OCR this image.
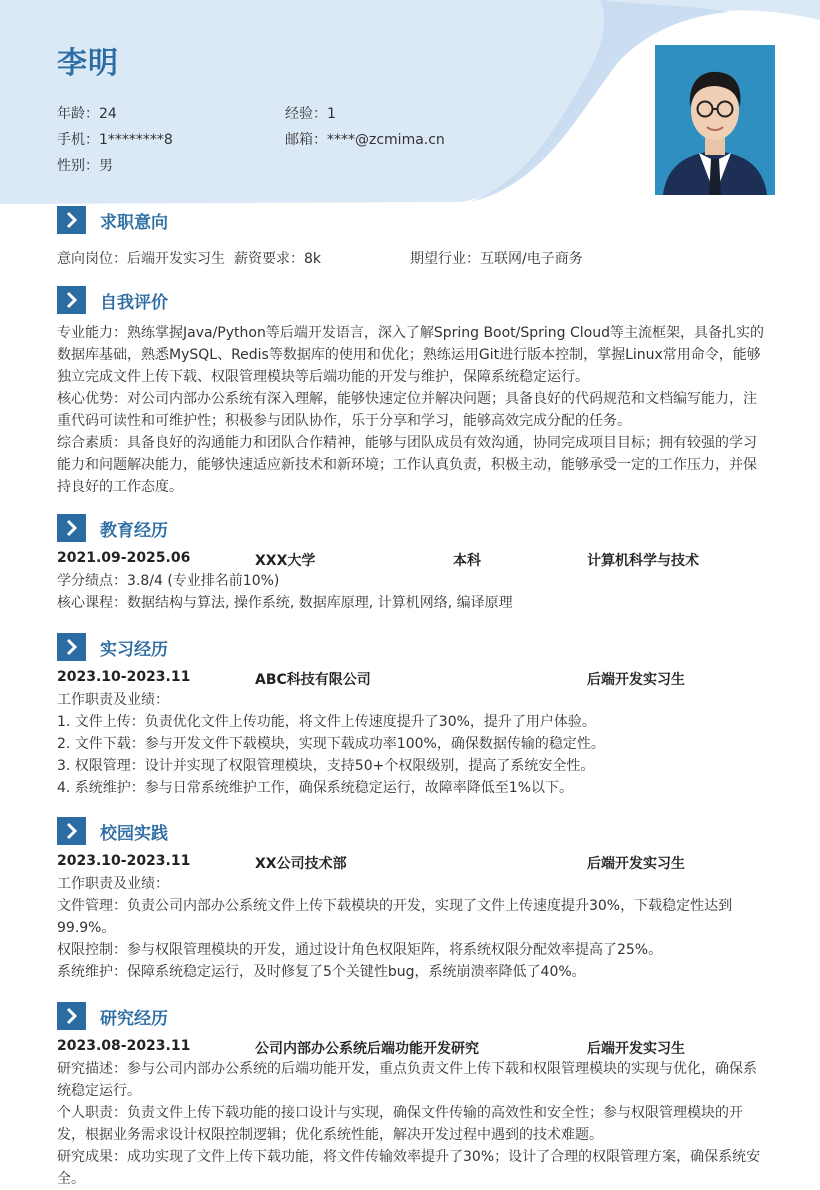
李明
年龄：24	经验：1
手机：1********8	邮箱：****@zcmima.cn
性别：男
求职意向
意向岗位：后端开发实习生 薪资要求：8k	期望行业：互联网/电子商务
自我评价
专业能力：熟练掌握Java/Python等后端开发语言，深入了解Spring Boot/Spring Cloud等主流框架，具备扎实的数据库基础，熟悉MySQL、Redis等数据库的使用和优化；熟练运用Git进行版本控制，掌握Linux常用命令，能够独立完成文件上传下载、权限管理模块等后端功能的开发与维护，保障系统稳定运行。
核心优势：对公司内部办公系统有深入理解，能够快速定位并解决问题；具备良好的代码规范和文档编写能力，注重代码可读性和可维护性；积极参与团队协作，乐于分享和学习，能够高效完成分配的任务。
综合素质：具备良好的沟通能力和团队合作精神，能够与团队成员有效沟通，协同完成项目目标；拥有较强的学习能力和问题解决能力，能够快速适应新技术和新环境；工作认真负责，积极主动，能够承受一定的工作压力，并保持良好的工作态度。
教育经历
2021.09-2025.06	XXX大学	本科	计算机科学与技术
学分绩点：3.8/4 (专业排名前10%)
核心课程：数据结构与算法, 操作系统, 数据库原理, 计算机网络, 编译原理
实习经历
2023.10-2023.11	ABC科技有限公司	后端开发实习生
工作职责及业绩：
1. 文件上传：负责优化文件上传功能，将文件上传速度提升了30%，提升了用户体验。
2. 文件下载：参与开发文件下载模块，实现下载成功率100%，确保数据传输的稳定性。
3. 权限管理：设计并实现了权限管理模块，支持50+个权限级别，提高了系统安全性。
4. 系统维护：参与日常系统维护工作，确保系统稳定运行，故障率降低至1%以下。
校园实践
2023.10-2023.11	XX公司技术部	后端开发实习生
工作职责及业绩：
文件管理：负责公司内部办公系统文件上传下载模块的开发，实现了文件上传速度提升30%，下载稳定性达到99.9%。
权限控制：参与权限管理模块的开发，通过设计角色权限矩阵，将系统权限分配效率提高了25%。
系统维护：保障系统稳定运行，及时修复了5个关键性bug，系统崩溃率降低了40%。
研究经历
2023.08-2023.11	公司内部办公系统后端功能开发研究	后端开发实习生
研究描述：参与公司内部办公系统的后端功能开发，重点负责文件上传下载和权限管理模块的实现与优化，确保系统稳定运行。
个人职责：负责文件上传下载功能的接口设计与实现，确保文件传输的高效性和安全性；参与权限管理模块的开发，根据业务需求设计权限控制逻辑；优化系统性能，解决开发过程中遇到的技术难题。
研究成果：成功实现了文件上传下载功能，将文件传输效率提升了30%；设计了合理的权限管理方案，确保系统安全。
